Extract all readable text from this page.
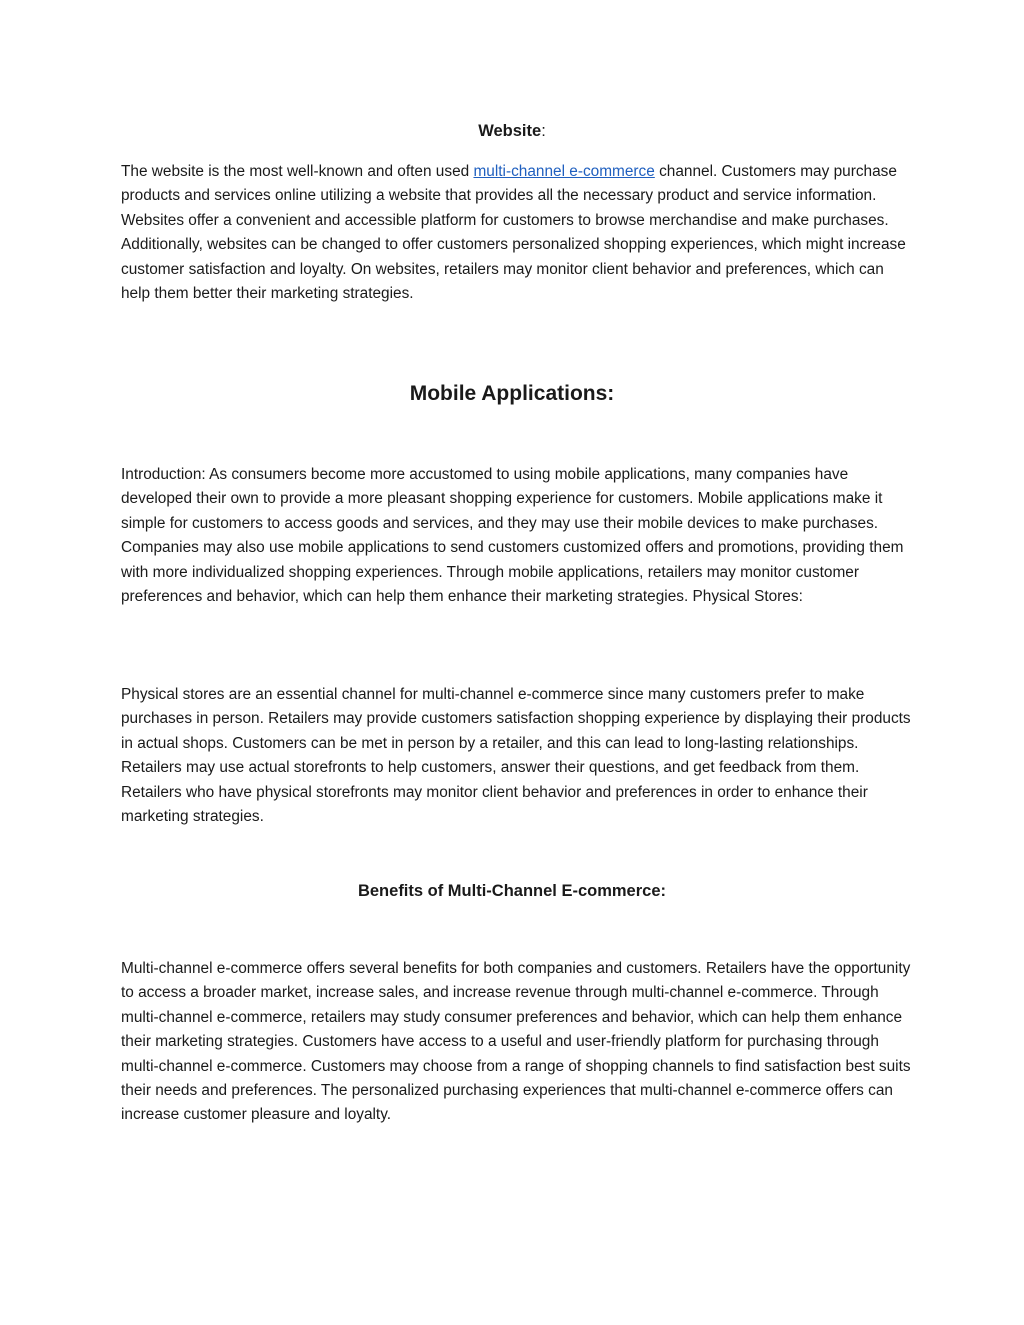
Website:

The website is the most well-known and often used multi-channel e-commerce channel. Customers may purchase products and services online utilizing a website that provides all the necessary product and service information. Websites offer a convenient and accessible platform for customers to browse merchandise and make purchases. Additionally, websites can be changed to offer customers personalized shopping experiences, which might increase customer satisfaction and loyalty. On websites, retailers may monitor client behavior and preferences, which can help them better their marketing strategies.

Mobile Applications:

Introduction: As consumers become more accustomed to using mobile applications, many companies have developed their own to provide a more pleasant shopping experience for customers. Mobile applications make it simple for customers to access goods and services, and they may use their mobile devices to make purchases. Companies may also use mobile applications to send customers customized offers and promotions, providing them with more individualized shopping experiences. Through mobile applications, retailers may monitor customer preferences and behavior, which can help them enhance their marketing strategies. Physical Stores:

Physical stores are an essential channel for multi-channel e-commerce since many customers prefer to make purchases in person. Retailers may provide customers satisfaction shopping experience by displaying their products in actual shops. Customers can be met in person by a retailer, and this can lead to long-lasting relationships. Retailers may use actual storefronts to help customers, answer their questions, and get feedback from them. Retailers who have physical storefronts may monitor client behavior and preferences in order to enhance their marketing strategies.

Benefits of Multi-Channel E-commerce:

Multi-channel e-commerce offers several benefits for both companies and customers. Retailers have the opportunity to access a broader market, increase sales, and increase revenue through multi-channel e-commerce. Through multi-channel e-commerce, retailers may study consumer preferences and behavior, which can help them enhance their marketing strategies. Customers have access to a useful and user-friendly platform for purchasing through multi-channel e-commerce. Customers may choose from a range of shopping channels to find satisfaction best suits their needs and preferences. The personalized purchasing experiences that multi-channel e-commerce offers can increase customer pleasure and loyalty.
